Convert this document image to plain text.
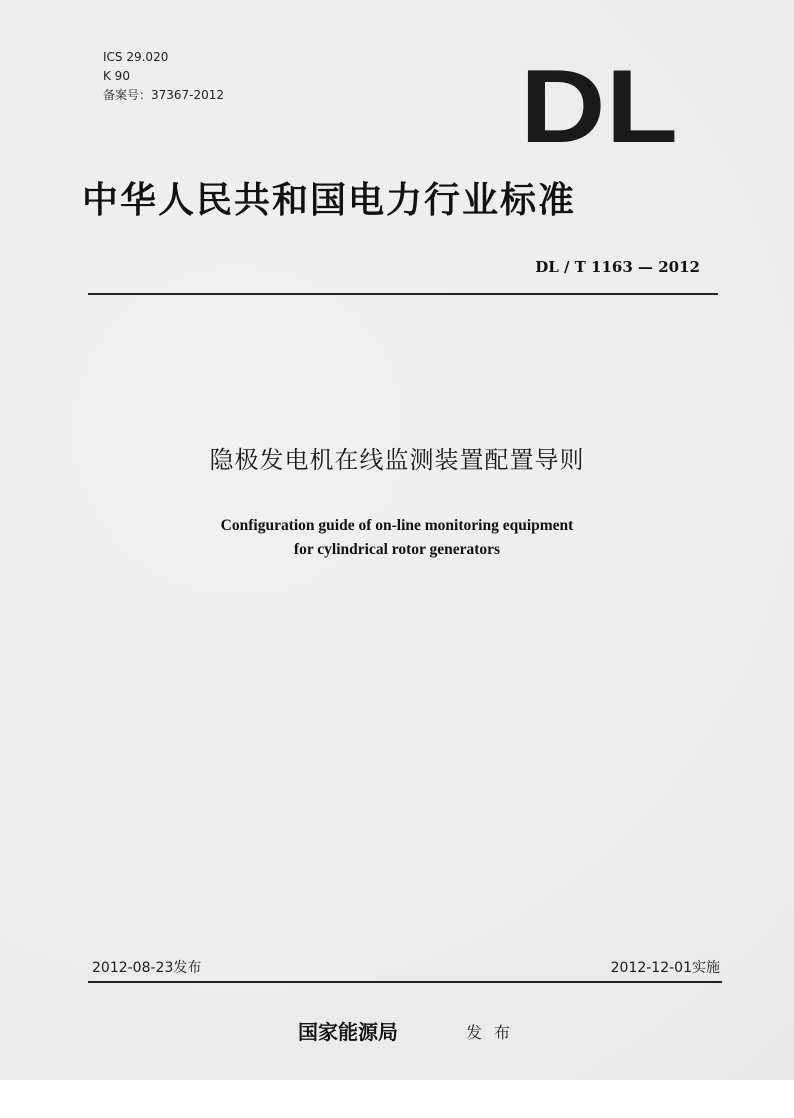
ICS 29.020
K 90
备案号：37367-2012	DL
中华人民共和国电力行业标准
DL / T 1163 — 2012
隐极发电机在线监测装置配置导则
Configuration guide of on-line monitoring equipment
for cylindrical rotor generators
2012-08-23发布	2012-12-01实施
国家能源局	发布
